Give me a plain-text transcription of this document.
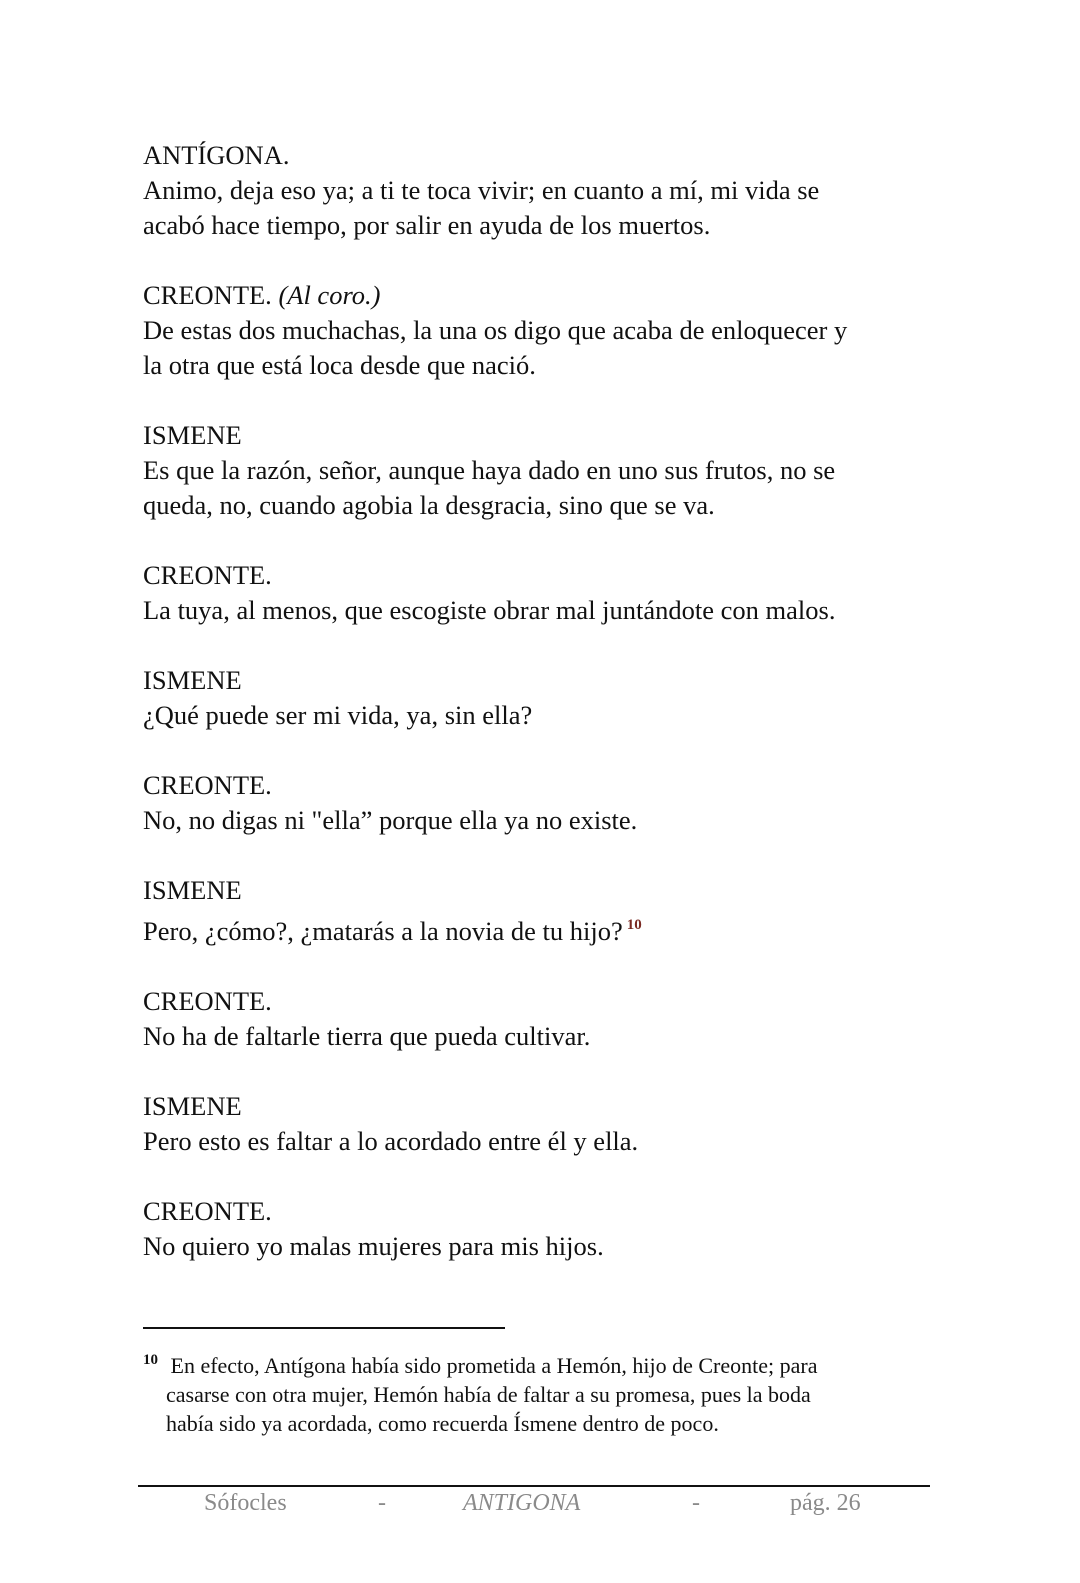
ANTÍGONA.
Animo, deja eso ya; a ti te toca vivir; en cuanto a mí, mi vida se
acabó hace tiempo, por salir en ayuda de los muertos.
CREONTE. (Al coro.)
De estas dos muchachas, la una os digo que acaba de enloquecer y
la otra que está loca desde que nació.
ISMENE
Es que la razón, señor, aunque haya dado en uno sus frutos, no se
queda, no, cuando agobia la desgracia, sino que se va.
CREONTE.
La tuya, al menos, que escogiste obrar mal juntándote con malos.
ISMENE
¿Qué puede ser mi vida, ya, sin ella?
CREONTE.
No, no digas ni "ella” porque ella ya no existe.
ISMENE
Pero, ¿cómo?, ¿matarás a la novia de tu hijo? $^{10}$
CREONTE.
No ha de faltarle tierra que pueda cultivar.
ISMENE
Pero esto es faltar a lo acordado entre él y ella.
CREONTE.
No quiero yo malas mujeres para mis hijos.
$^{10}$ En efecto, Antígona había sido prometida a Hemón, hijo de Creonte; para
casarse con otra mujer, Hemón había de faltar a su promesa, pues la boda
había sido ya acordada, como recuerda Ísmene dentro de poco.
Sófocles	-	ANTIGONA	-	pág. 26
